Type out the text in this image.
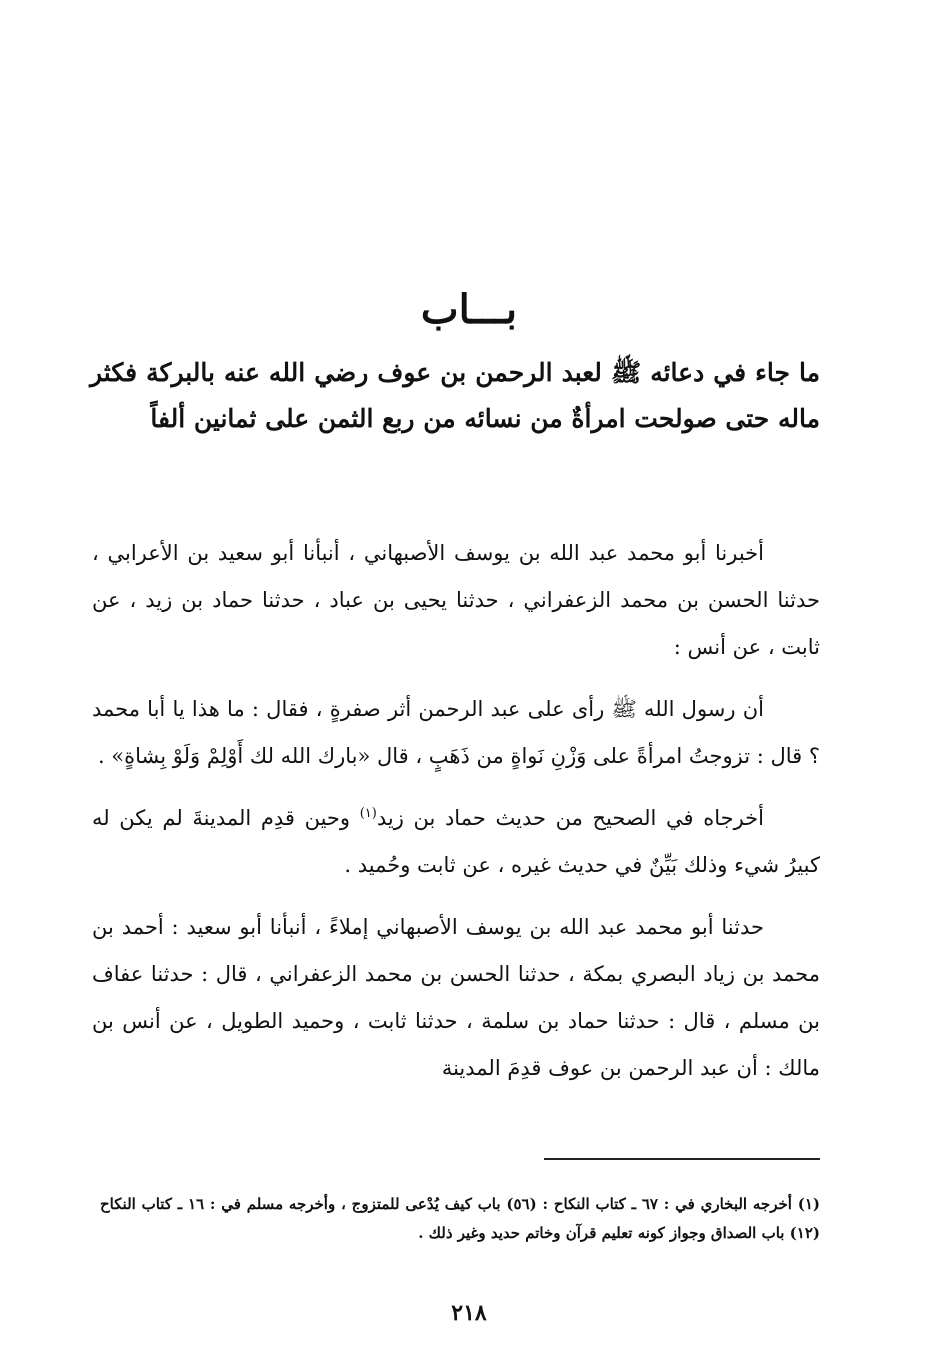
بـــاب
ما جاء في دعائه ﷺ لعبد الرحمن بن عوف رضي الله عنه بالبركة فكثر ماله حتى صولحت امرأةٌ من نسائه من ربع الثمن على ثمانين ألفاً

أخبرنا أبو محمد عبد الله بن يوسف الأصبهاني ، أنبأنا أبو سعيد بن الأعرابي ، حدثنا الحسن بن محمد الزعفراني ، حدثنا يحيى بن عباد ، حدثنا حماد بن زيد ، عن ثابت ، عن أنس :

أن رسول الله ﷺ رأى على عبد الرحمن أثر صفرةٍ ، فقال : ما هذا يا أبا محمد ؟ قال : تزوجتُ امرأةً على وَزْنِ نَواةٍ من ذَهَبٍ ، قال «بارك الله لك أَوْلِمْ وَلَوْ بِشاةٍ» .

أخرجاه في الصحيح من حديث حماد بن زيد$^{(١)}$ وحين قدِم المدينةَ لم يكن له كبيرُ شيء وذلك بَيِّنٌ في حديث غيره ، عن ثابت وحُميد .

حدثنا أبو محمد عبد الله بن يوسف الأصبهاني إملاءً ، أنبأنا أبو سعيد : أحمد بن محمد بن زياد البصري بمكة ، حدثنا الحسن بن محمد الزعفراني ، قال : حدثنا عفاف بن مسلم ، قال : حدثنا حماد بن سلمة ، حدثنا ثابت ، وحميد الطويل ، عن أنس بن مالك : أن عبد الرحمن بن عوف قدِمَ المدينة

(١) أخرجه البخاري في : ٦٧ ـ كتاب النكاح : (٥٦) باب كيف يُدْعى للمتزوج ، وأخرجه مسلم في : ١٦ ـ كتاب النكاح (١٢) باب الصداق وجواز كونه تعليم قرآن وخاتم حديد وغير ذلك .
٢١٨
